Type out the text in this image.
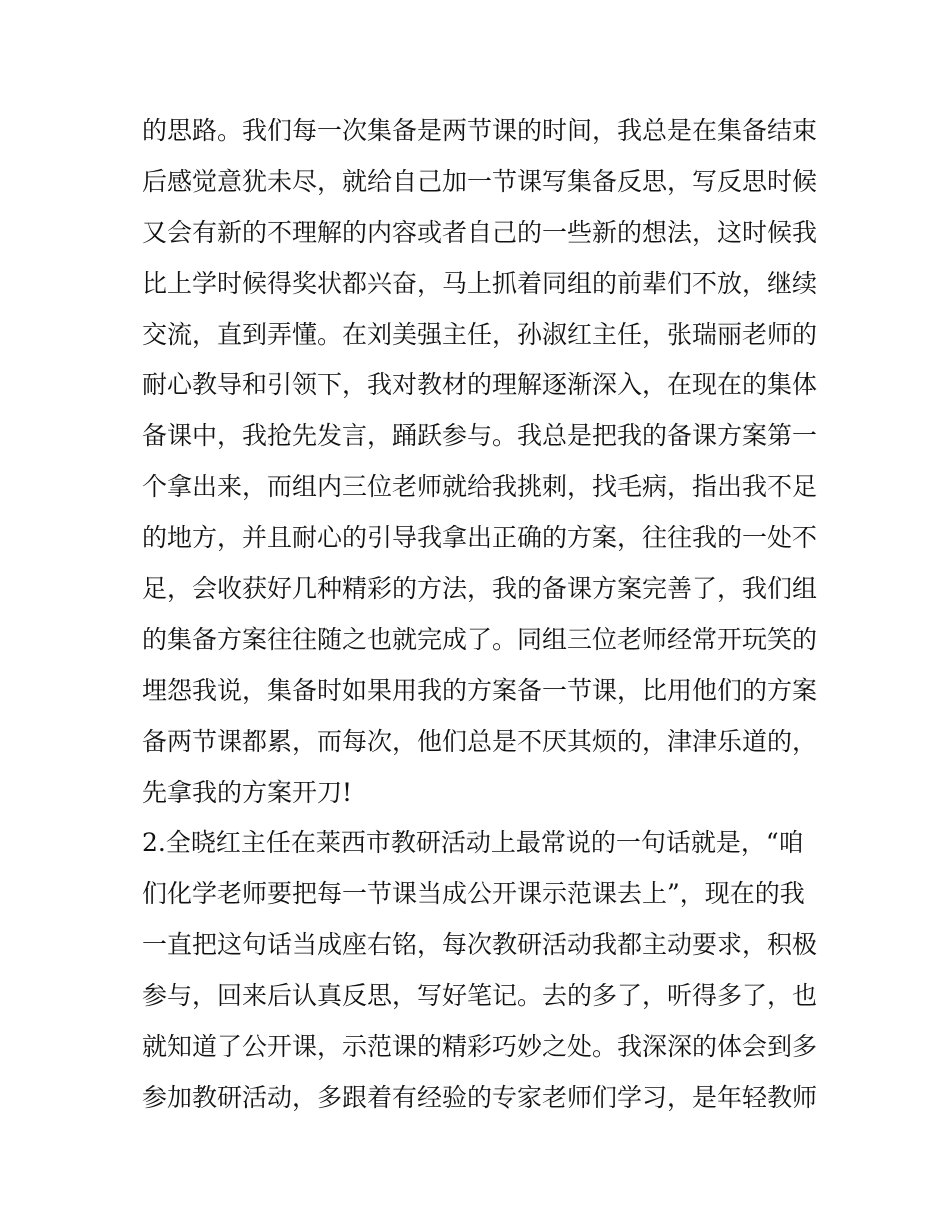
的思路。我们每一次集备是两节课的时间，我总是在集备结束
后感觉意犹未尽，就给自己加一节课写集备反思，写反思时候
又会有新的不理解的内容或者自己的一些新的想法，这时候我
比上学时候得奖状都兴奋，马上抓着同组的前辈们不放，继续
交流，直到弄懂。在刘美强主任，孙淑红主任，张瑞丽老师的
耐心教导和引领下，我对教材的理解逐渐深入，在现在的集体
备课中，我抢先发言，踊跃参与。我总是把我的备课方案第一
个拿出来，而组内三位老师就给我挑刺，找毛病，指出我不足
的地方，并且耐心的引导我拿出正确的方案，往往我的一处不
足，会收获好几种精彩的方法，我的备课方案完善了，我们组
的集备方案往往随之也就完成了。同组三位老师经常开玩笑的
埋怨我说，集备时如果用我的方案备一节课，比用他们的方案
备两节课都累，而每次，他们总是不厌其烦的，津津乐道的，
先拿我的方案开刀!
2.全晓红主任在莱西市教研活动上最常说的一句话就是，“咱
们化学老师要把每一节课当成公开课示范课去上”，现在的我
一直把这句话当成座右铭，每次教研活动我都主动要求，积极
参与，回来后认真反思，写好笔记。去的多了，听得多了，也
就知道了公开课，示范课的精彩巧妙之处。我深深的体会到多
参加教研活动，多跟着有经验的专家老师们学习，是年轻教师
